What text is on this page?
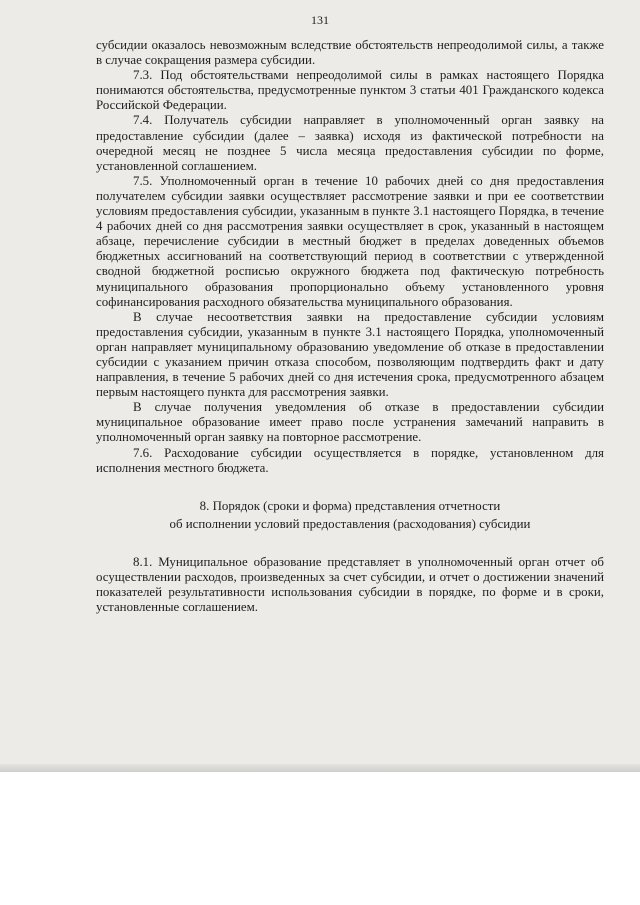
131

субсидии оказалось невозможным вследствие обстоятельств непреодолимой силы, а также в случае сокращения размера субсидии.

7.3. Под обстоятельствами непреодолимой силы в рамках настоящего Порядка понимаются обстоятельства, предусмотренные пунктом 3 статьи 401 Гражданского кодекса Российской Федерации.

7.4. Получатель субсидии направляет в уполномоченный орган заявку на предоставление субсидии (далее – заявка) исходя из фактической потребности на очередной месяц не позднее 5 числа месяца предоставления субсидии по форме, установленной соглашением.

7.5. Уполномоченный орган в течение 10 рабочих дней со дня предоставления получателем субсидии заявки осуществляет рассмотрение заявки и при ее соответствии условиям предоставления субсидии, указанным в пункте 3.1 настоящего Порядка, в течение 4 рабочих дней со дня рассмотрения заявки осуществляет в срок, указанный в настоящем абзаце, перечисление субсидии в местный бюджет в пределах доведенных объемов бюджетных ассигнований на соответствующий период в соответствии с утвержденной сводной бюджетной росписью окружного бюджета под фактическую потребность муниципального образования пропорционально объему установленного уровня софинансирования расходного обязательства муниципального образования.

В случае несоответствия заявки на предоставление субсидии условиям предоставления субсидии, указанным в пункте 3.1 настоящего Порядка, уполномоченный орган направляет муниципальному образованию уведомление об отказе в предоставлении субсидии с указанием причин отказа способом, позволяющим подтвердить факт и дату направления, в течение 5 рабочих дней со дня истечения срока, предусмотренного абзацем первым настоящего пункта для рассмотрения заявки.

В случае получения уведомления об отказе в предоставлении субсидии муниципальное образование имеет право после устранения замечаний направить в уполномоченный орган заявку на повторное рассмотрение.

7.6. Расходование субсидии осуществляется в порядке, установленном для исполнения местного бюджета.

8. Порядок (сроки и форма) представления отчетности
об исполнении условий предоставления (расходования) субсидии

8.1. Муниципальное образование представляет в уполномоченный орган отчет об осуществлении расходов, произведенных за счет субсидии, и отчет о достижении значений показателей результативности использования субсидии в порядке, по форме и в сроки, установленные соглашением.
